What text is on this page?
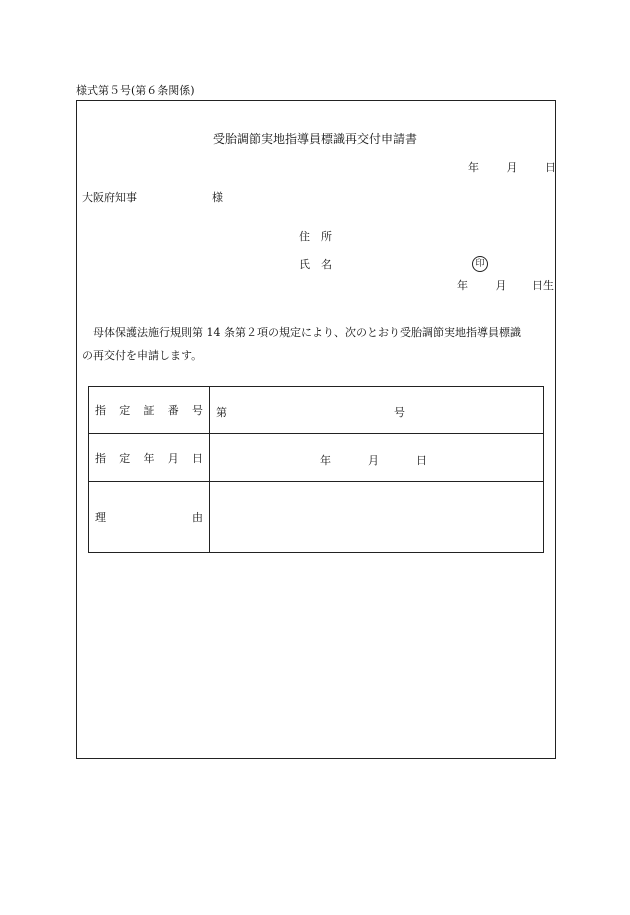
様式第５号(第６条関係)
受胎調節実地指導員標識再交付申請書
年	月	日
大阪府知事	様
住　所
氏　名	印
年	月 日生
母体保護法施行規則第 14 条第２項の規定により、次のとおり受胎調節実地指導員標識
の再交付を申請します。
指 定 証 番 号	第 号

指 定 年 月 日	年 月 日

理 由	
